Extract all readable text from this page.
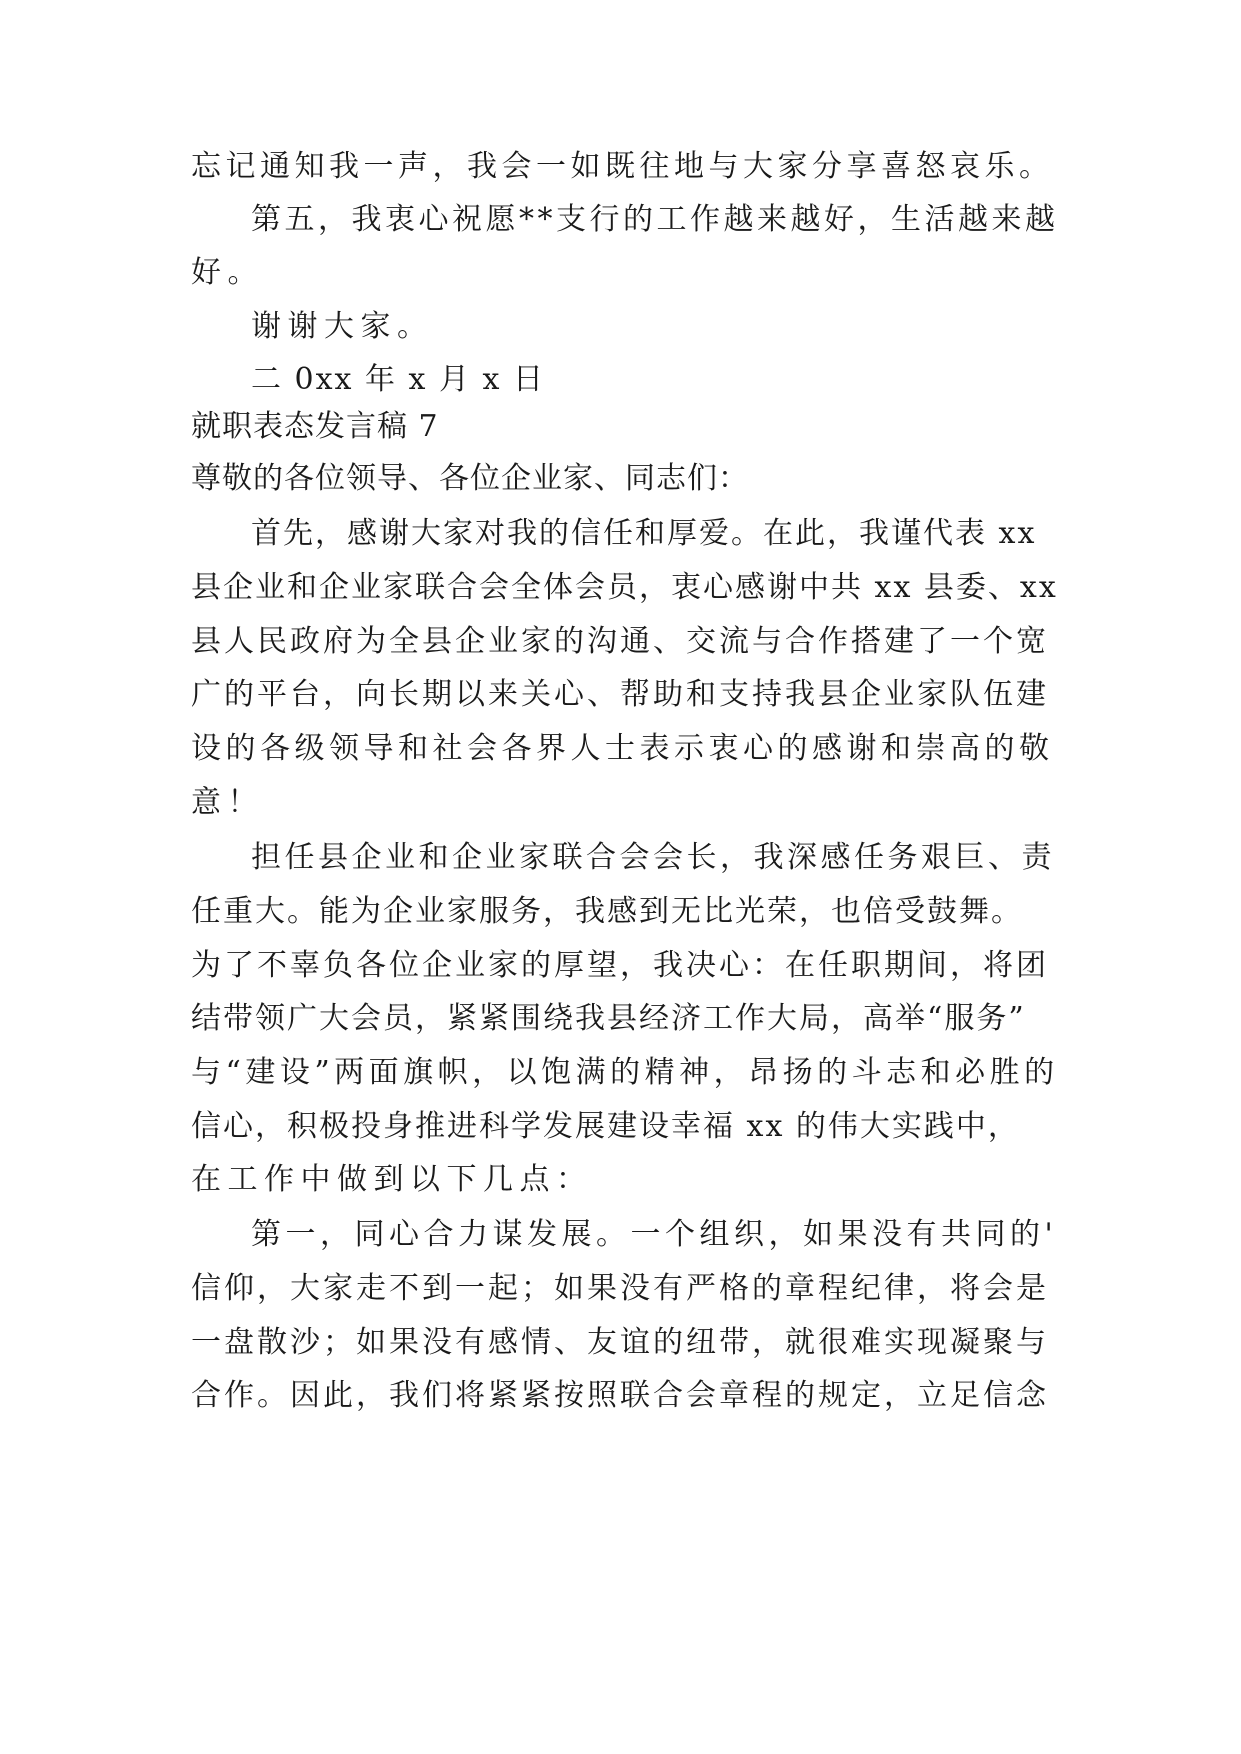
忘记通知我一声，我会一如既往地与大家分享喜怒哀乐。
第五，我衷心祝愿**支行的工作越来越好，生活越来越
好。
谢谢大家。
二 0xx 年 x 月 x 日
就职表态发言稿 7
尊敬的各位领导、各位企业家、同志们：
首先，感谢大家对我的信任和厚爱。在此，我谨代表 xx
县企业和企业家联合会全体会员，衷心感谢中共 xx 县委、xx
县人民政府为全县企业家的沟通、交流与合作搭建了一个宽
广的平台，向长期以来关心、帮助和支持我县企业家队伍建
设的各级领导和社会各界人士表示衷心的感谢和崇高的敬
意！
担任县企业和企业家联合会会长，我深感任务艰巨、责
任重大。能为企业家服务，我感到无比光荣，也倍受鼓舞。
为了不辜负各位企业家的厚望，我决心：在任职期间，将团
结带领广大会员，紧紧围绕我县经济工作大局，高举“服务”
与“建设”两面旗帜，以饱满的精神，昂扬的斗志和必胜的
信心，积极投身推进科学发展建设幸福 xx 的伟大实践中，
在工作中做到以下几点：
第一，同心合力谋发展。一个组织，如果没有共同的'
信仰，大家走不到一起；如果没有严格的章程纪律，将会是
一盘散沙；如果没有感情、友谊的纽带，就很难实现凝聚与
合作。因此，我们将紧紧按照联合会章程的规定，立足信念
